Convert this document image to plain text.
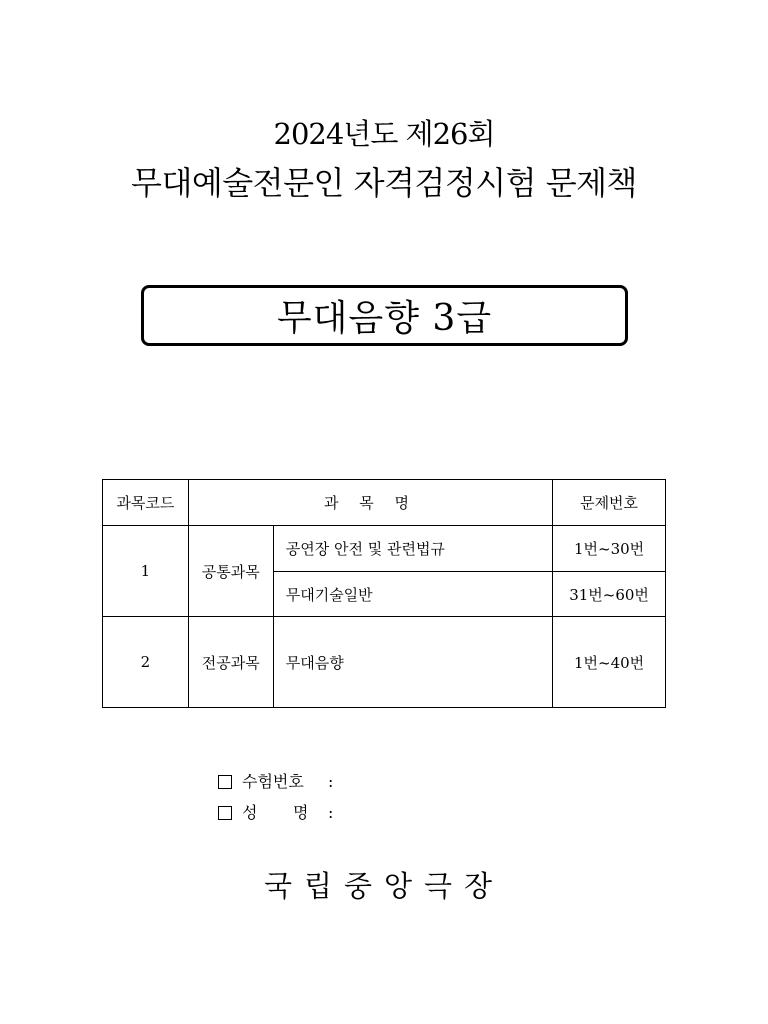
2024년도 제26회
무대예술전문인 자격검정시험 문제책
무대음향 3급
과목코드	과 목 명		문제번호
1	공통과목	공연장 안전 및 관련법규	1번~30번
		무대기술일반	31번~60번
2	전공과목	무대음향	1번~40번
수험번호	:
성       명	:
국립중앙극장
